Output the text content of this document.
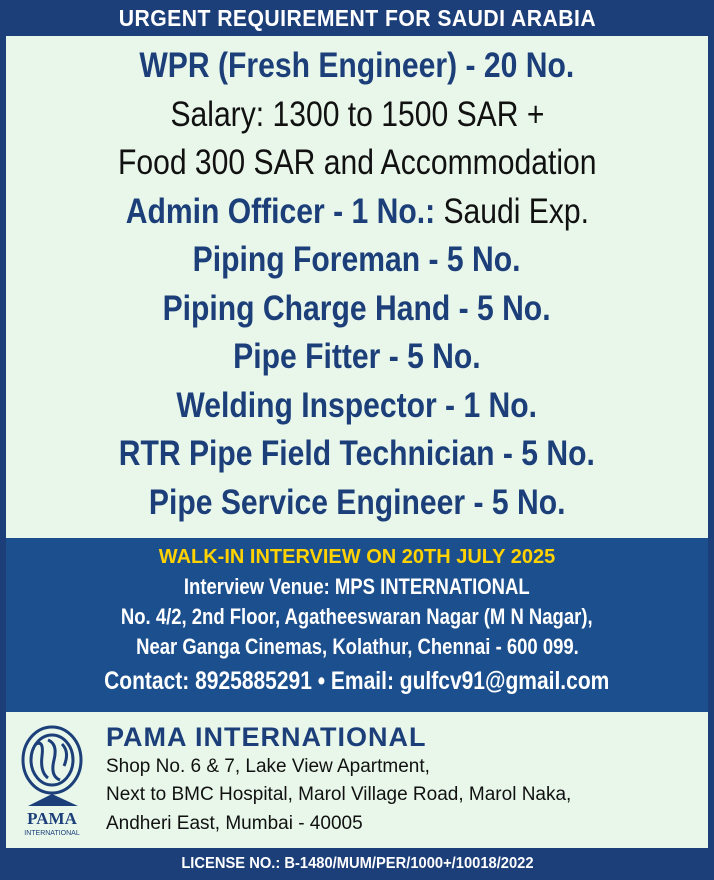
URGENT REQUIREMENT FOR SAUDI ARABIA
WPR (Fresh Engineer) - 20 No.
Salary: 1300 to 1500 SAR +
Food 300 SAR and Accommodation
Admin Officer - 1 No.: Saudi Exp.
Piping Foreman - 5 No.
Piping Charge Hand - 5 No.
Pipe Fitter - 5 No.
Welding Inspector - 1 No.
RTR Pipe Field Technician - 5 No.
Pipe Service Engineer - 5 No.
WALK-IN INTERVIEW ON 20TH JULY 2025
Interview Venue: MPS INTERNATIONAL
No. 4/2, 2nd Floor, Agatheeswaran Nagar (M N Nagar),
Near Ganga Cinemas, Kolathur, Chennai - 600 099.
Contact: 8925885291 • Email: gulfcv91@gmail.com
PAMA
INTERNATIONAL
PAMA INTERNATIONAL
Shop No. 6 & 7, Lake View Apartment,
Next to BMC Hospital, Marol Village Road, Marol Naka,
Andheri East, Mumbai - 40005
LICENSE NO.: B-1480/MUM/PER/1000+/10018/2022
